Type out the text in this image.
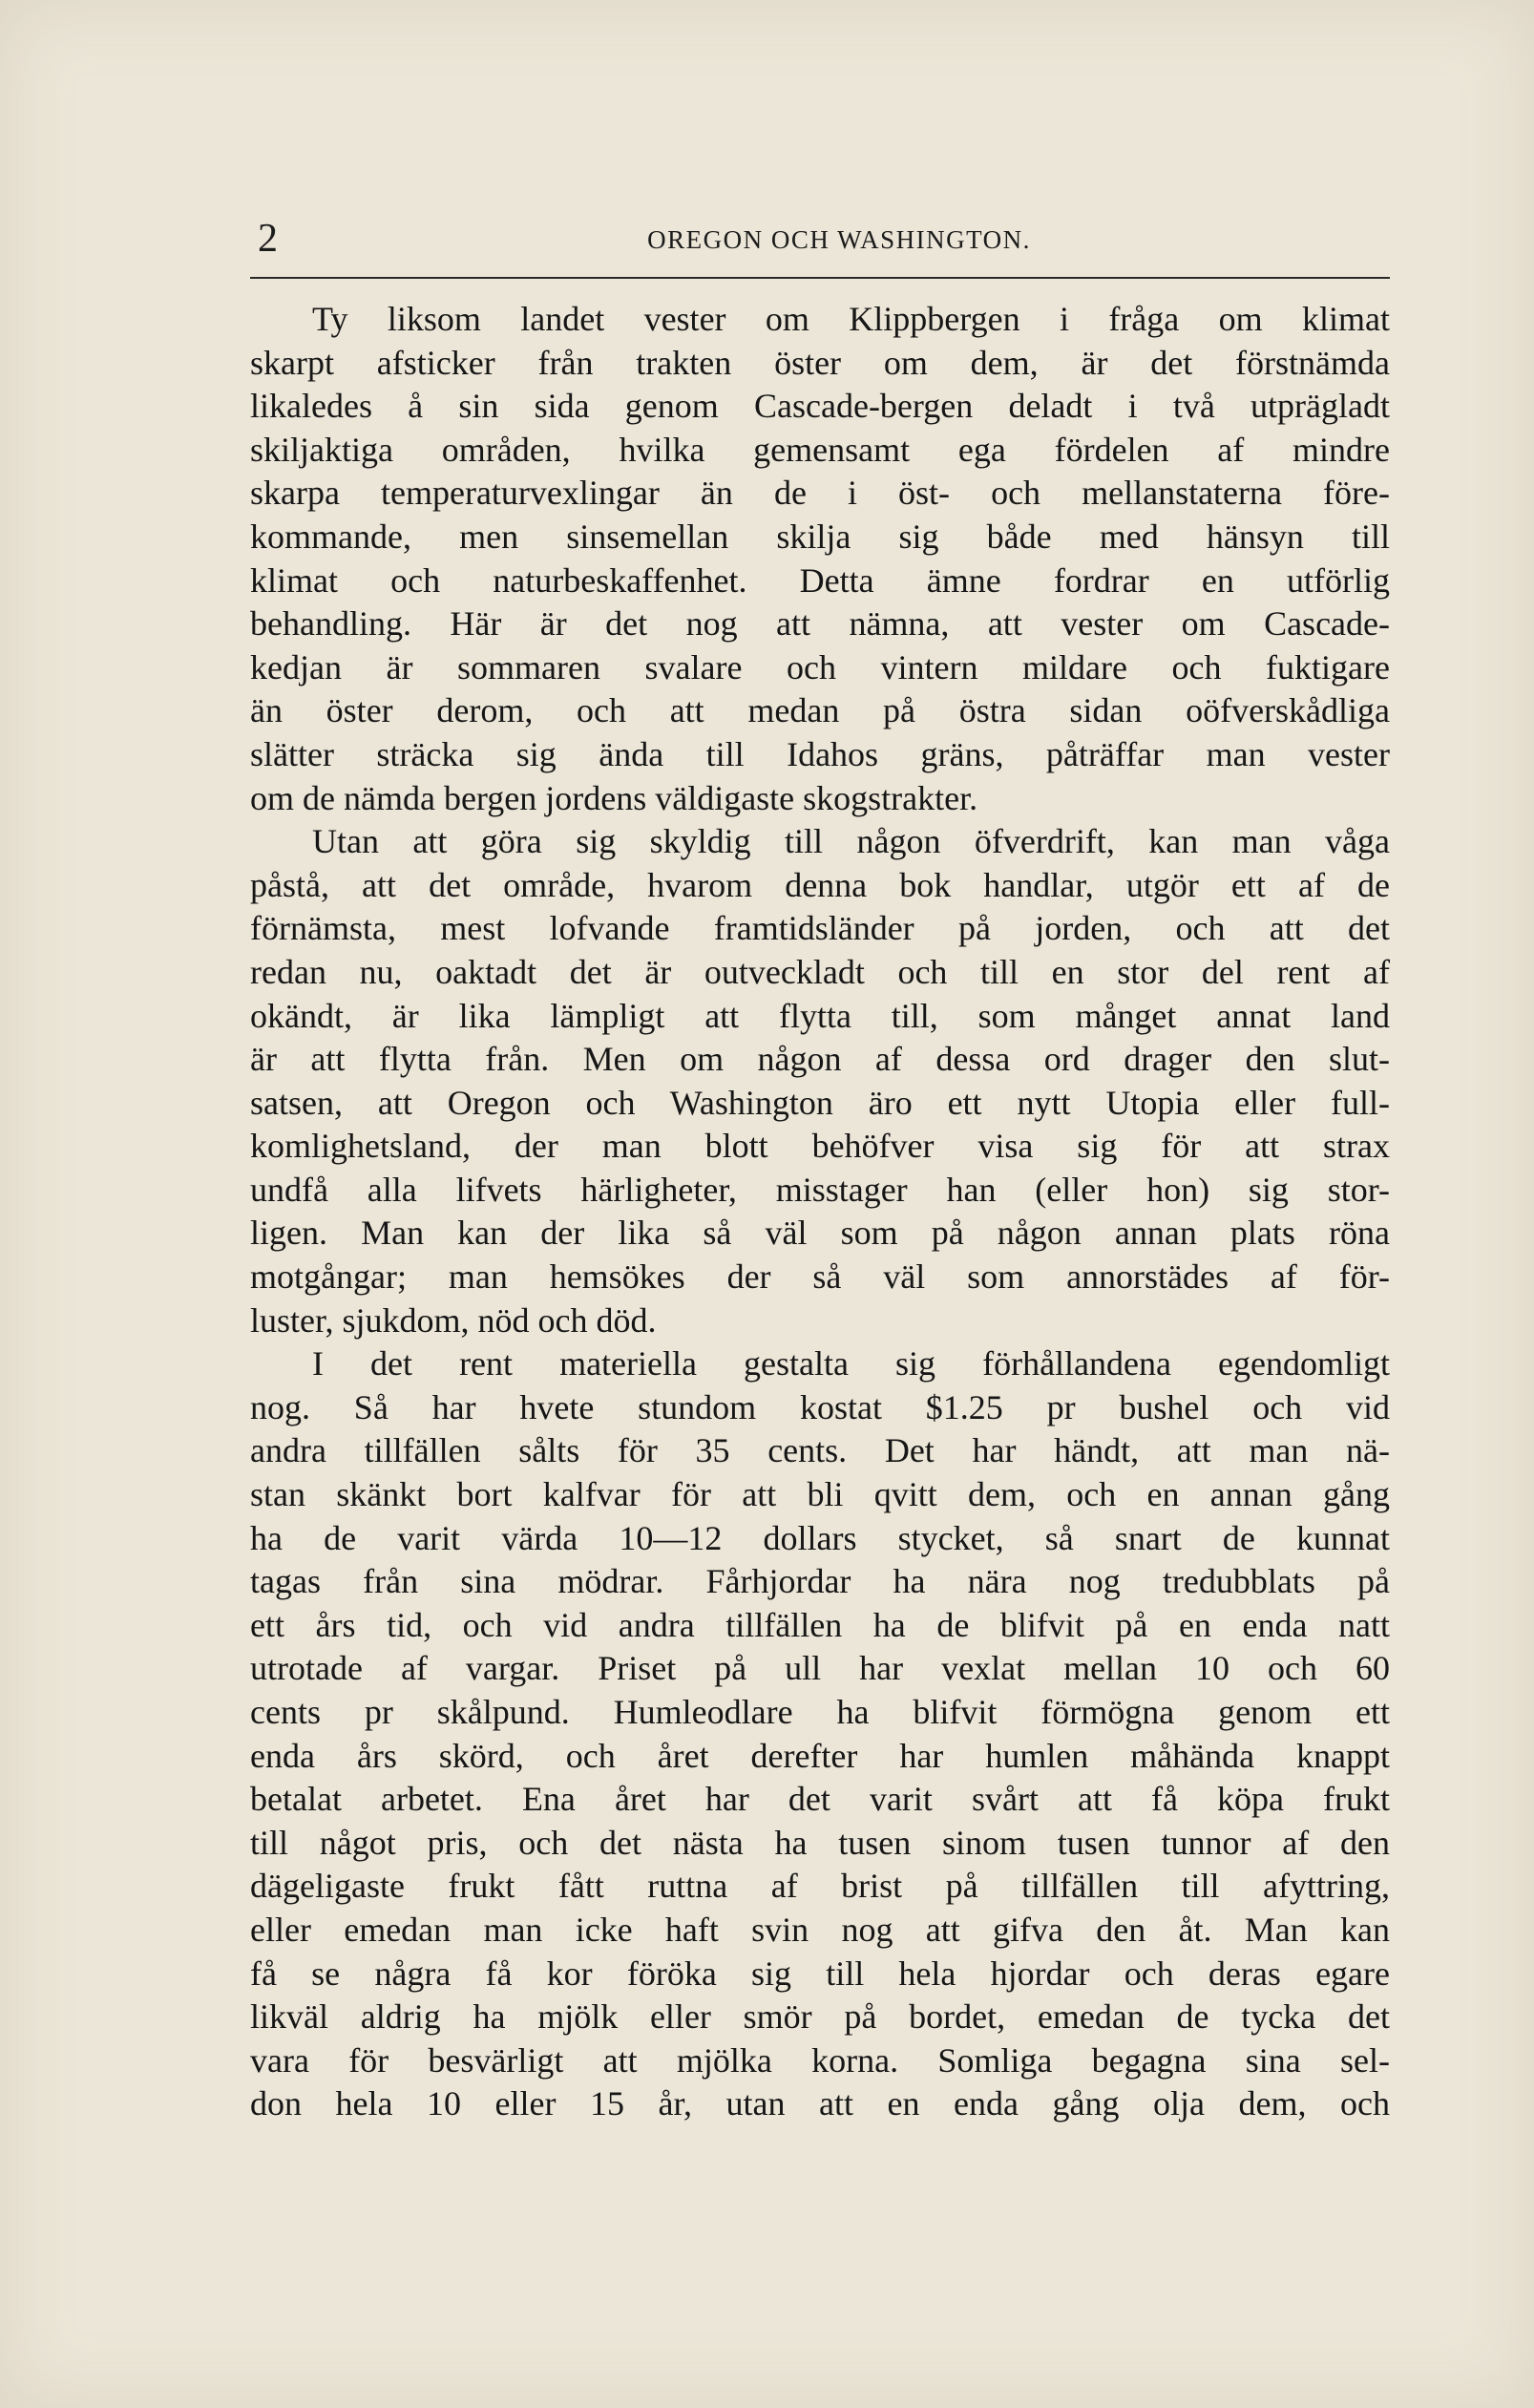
2	OREGON OCH WASHINGTON.
Ty liksom landet vester om Klippbergen i fråga om klimat
skarpt afsticker från trakten öster om dem, är det förstnämda
likaledes å sin sida genom Cascade-bergen deladt i två utprägladt
skiljaktiga områden, hvilka gemensamt ega fördelen af mindre
skarpa temperaturvexlingar än de i öst- och mellanstaterna före-
kommande, men sinsemellan skilja sig både med hänsyn till
klimat och naturbeskaffenhet. Detta ämne fordrar en utförlig
behandling. Här är det nog att nämna, att vester om Cascade-
kedjan är sommaren svalare och vintern mildare och fuktigare
än öster derom, och att medan på östra sidan oöfverskådliga
slätter sträcka sig ända till Idahos gräns, påträffar man vester
om de nämda bergen jordens väldigaste skogstrakter.
Utan att göra sig skyldig till någon öfverdrift, kan man våga
påstå, att det område, hvarom denna bok handlar, utgör ett af de
förnämsta, mest lofvande framtidsländer på jorden, och att det
redan nu, oaktadt det är outveckladt och till en stor del rent af
okändt, är lika lämpligt att flytta till, som månget annat land
är att flytta från. Men om någon af dessa ord drager den slut-
satsen, att Oregon och Washington äro ett nytt Utopia eller full-
komlighetsland, der man blott behöfver visa sig för att strax
undfå alla lifvets härligheter, misstager han (eller hon) sig stor-
ligen. Man kan der lika så väl som på någon annan plats röna
motgångar; man hemsökes der så väl som annorstädes af för-
luster, sjukdom, nöd och död.
I det rent materiella gestalta sig förhållandena egendomligt
nog. Så har hvete stundom kostat $1.25 pr bushel och vid
andra tillfällen sålts för 35 cents. Det har händt, att man nä-
stan skänkt bort kalfvar för att bli qvitt dem, och en annan gång
ha de varit värda 10—12 dollars stycket, så snart de kunnat
tagas från sina mödrar. Fårhjordar ha nära nog tredubblats på
ett års tid, och vid andra tillfällen ha de blifvit på en enda natt
utrotade af vargar. Priset på ull har vexlat mellan 10 och 60
cents pr skålpund. Humleodlare ha blifvit förmögna genom ett
enda års skörd, och året derefter har humlen måhända knappt
betalat arbetet. Ena året har det varit svårt att få köpa frukt
till något pris, och det nästa ha tusen sinom tusen tunnor af den
dägeligaste frukt fått ruttna af brist på tillfällen till afyttring,
eller emedan man icke haft svin nog att gifva den åt. Man kan
få se några få kor föröka sig till hela hjordar och deras egare
likväl aldrig ha mjölk eller smör på bordet, emedan de tycka det
vara för besvärligt att mjölka korna. Somliga begagna sina sel-
don hela 10 eller 15 år, utan att en enda gång olja dem, och
